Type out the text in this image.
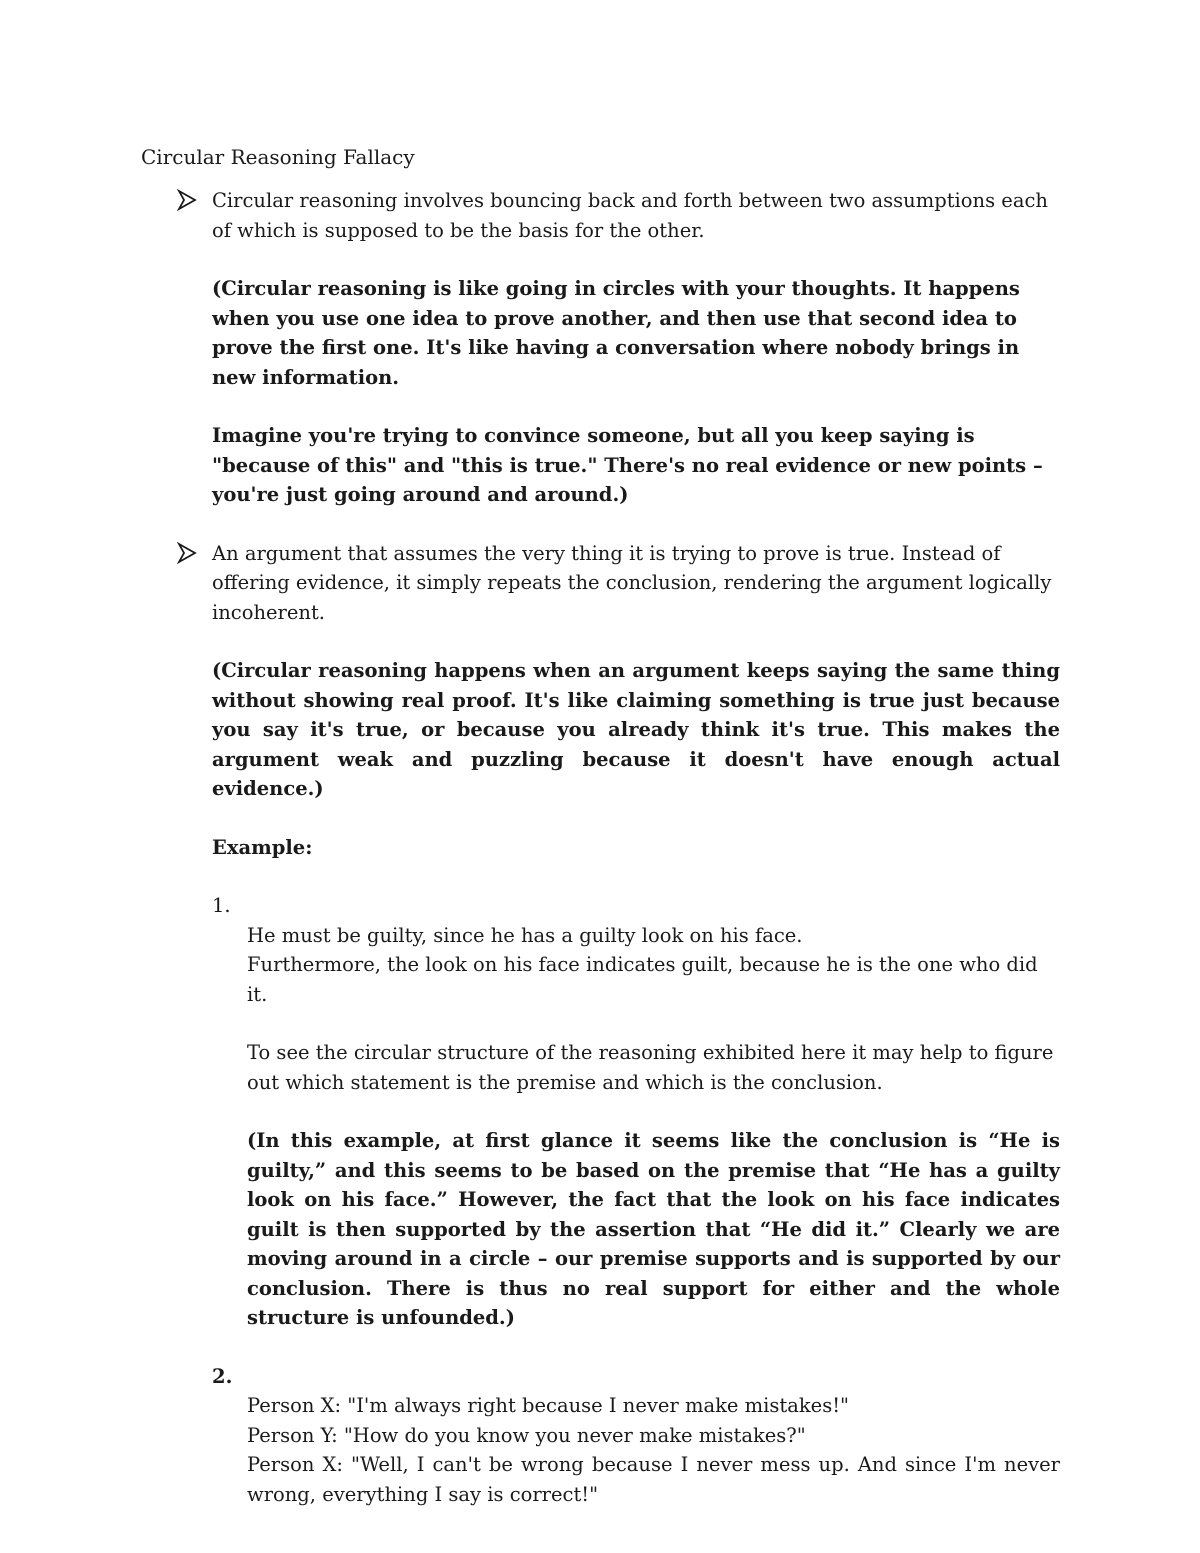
Circular Reasoning Fallacy

Circular reasoning involves bouncing back and forth between two assumptions each of which is supposed to be the basis for the other.

(Circular reasoning is like going in circles with your thoughts. It happens when you use one idea to prove another, and then use that second idea to prove the first one. It's like having a conversation where nobody brings in new information.

Imagine you're trying to convince someone, but all you keep saying is "because of this" and "this is true." There's no real evidence or new points – you're just going around and around.)

An argument that assumes the very thing it is trying to prove is true. Instead of offering evidence, it simply repeats the conclusion, rendering the argument logically incoherent.

(Circular reasoning happens when an argument keeps saying the same thing without showing real proof. It's like claiming something is true just because you say it's true, or because you already think it's true. This makes the argument weak and puzzling because it doesn't have enough actual evidence.)

Example:

1.

He must be guilty, since he has a guilty look on his face.

Furthermore, the look on his face indicates guilt, because he is the one who did it.

To see the circular structure of the reasoning exhibited here it may help to figure out which statement is the premise and which is the conclusion.

(In this example, at first glance it seems like the conclusion is “He is guilty,” and this seems to be based on the premise that “He has a guilty look on his face.” However, the fact that the look on his face indicates guilt is then supported by the assertion that “He did it.” Clearly we are moving around in a circle – our premise supports and is supported by our conclusion. There is thus no real support for either and the whole structure is unfounded.)

2.

Person X: "I'm always right because I never make mistakes!"

Person Y: "How do you know you never make mistakes?"

Person X: "Well, I can't be wrong because I never mess up. And since I'm never wrong, everything I say is correct!"
